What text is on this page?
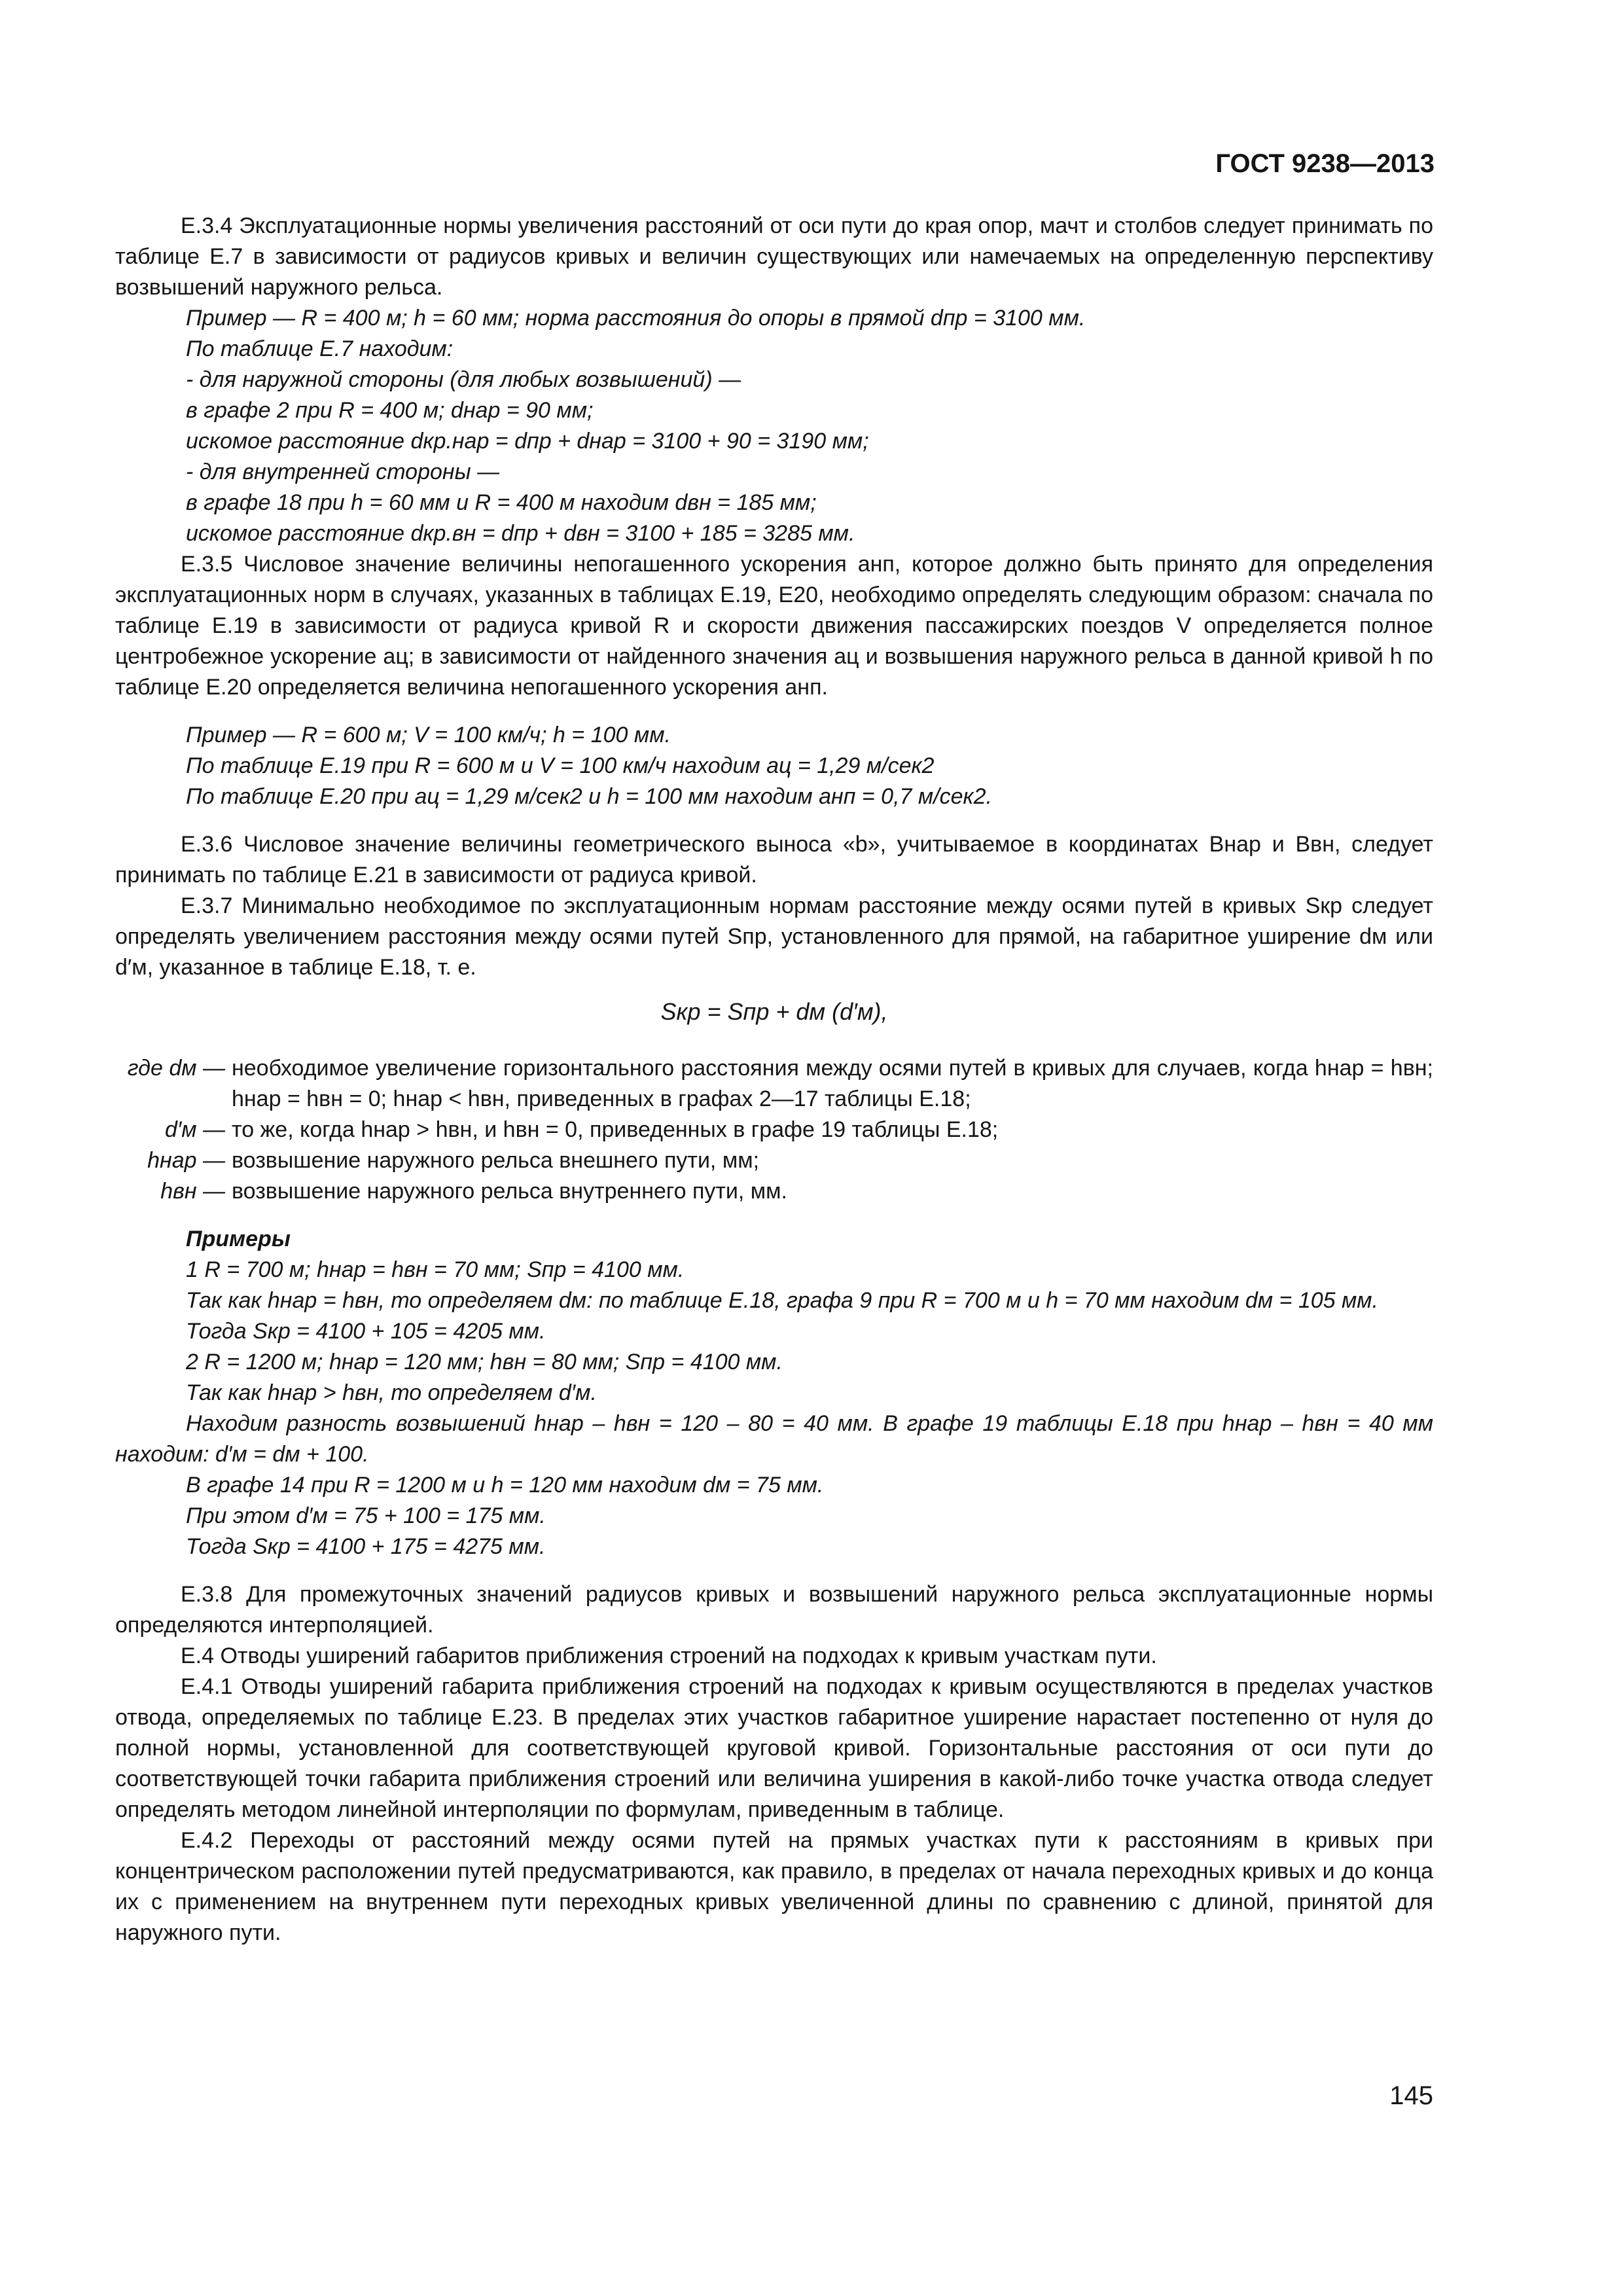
ГОСТ 9238—2013

Е.3.4 Эксплуатационные нормы увеличения расстояний от оси пути до края опор, мачт и столбов следует принимать по таблице Е.7 в зависимости от радиусов кривых и величин существующих или намечаемых на определенную перспективу возвышений наружного рельса.

Пример — R = 400 м; h = 60 мм; норма расстояния до опоры в прямой dпр = 3100 мм.

По таблице Е.7 находим:

- для наружной стороны (для любых возвышений) —

в графе 2 при R = 400 м; dнар = 90 мм;

искомое расстояние dкр.нар = dпр + dнар = 3100 + 90 = 3190 мм;

- для внутренней стороны —

в графе 18 при h = 60 мм и R = 400 м находим dвн = 185 мм;

искомое расстояние dкр.вн = dпр + dвн = 3100 + 185 = 3285 мм.

Е.3.5 Числовое значение величины непогашенного ускорения aнп, которое должно быть принято для определения эксплуатационных норм в случаях, указанных в таблицах Е.19, Е20, необходимо определять следующим образом: сначала по таблице Е.19 в зависимости от радиуса кривой R и скорости движения пассажирских поездов V определяется полное центробежное ускорение aц; в зависимости от найденного значения aц и возвышения наружного рельса в данной кривой h по таблице Е.20 определяется величина непогашенного ускорения aнп.

Пример — R = 600 м; V = 100 км/ч; h = 100 мм.

По таблице Е.19 при R = 600 м и V = 100 км/ч находим aц = 1,29 м/сек2

По таблице Е.20 при aц = 1,29 м/сек2 и h = 100 мм находим aнп = 0,7 м/сек2.

Е.3.6 Числовое значение величины геометрического выноса «b», учитываемое в координатах Bнар и Bвн, следует принимать по таблице Е.21 в зависимости от радиуса кривой.

Е.3.7 Минимально необходимое по эксплуатационным нормам расстояние между осями путей в кривых Sкр следует определять увеличением расстояния между осями путей Sпр, установленного для прямой, на габаритное уширение dм или d′м, указанное в таблице Е.18, т. е.

Sкр = Sпр + dм (d′м),
где dм — необходимое увеличение горизонтального расстояния между осями путей в кривых для случаев, когда hнар = hвн; hнар = hвн = 0; hнар < hвн, приведенных в графах 2—17 таблицы Е.18;
d′м — то же, когда hнар > hвн, и hвн = 0, приведенных в графе 19 таблицы Е.18;
hнар — возвышение наружного рельса внешнего пути, мм;
hвн — возвышение наружного рельса внутреннего пути, мм.

Примеры

1 R = 700 м; hнар = hвн = 70 мм; Sпр = 4100 мм.

Так как hнар = hвн, то определяем dм: по таблице Е.18, графа 9 при R = 700 м и h = 70 мм находим dм = 105 мм.

Тогда Sкр = 4100 + 105 = 4205 мм.

2 R = 1200 м; hнар = 120 мм; hвн = 80 мм; Sпр = 4100 мм.

Так как hнар > hвн, то определяем d′м.

Находим разность возвышений hнар – hвн = 120 – 80 = 40 мм. В графе 19 таблицы Е.18 при hнар – hвн = 40 мм находим: d′м = dм + 100.

В графе 14 при R = 1200 м и h = 120 мм находим dм = 75 мм.

При этом d′м = 75 + 100 = 175 мм.

Тогда Sкр = 4100 + 175 = 4275 мм.

Е.3.8 Для промежуточных значений радиусов кривых и возвышений наружного рельса эксплуатационные нормы определяются интерполяцией.

Е.4 Отводы уширений габаритов приближения строений на подходах к кривым участкам пути.

Е.4.1 Отводы уширений габарита приближения строений на подходах к кривым осуществляются в пределах участков отвода, определяемых по таблице Е.23. В пределах этих участков габаритное уширение нарастает постепенно от нуля до полной нормы, установленной для соответствующей круговой кривой. Горизонтальные расстояния от оси пути до соответствующей точки габарита приближения строений или величина уширения в какой-либо точке участка отвода следует определять методом линейной интерполяции по формулам, приведенным в таблице.

Е.4.2 Переходы от расстояний между осями путей на прямых участках пути к расстояниям в кривых при концентрическом расположении путей предусматриваются, как правило, в пределах от начала переходных кривых и до конца их с применением на внутреннем пути переходных кривых увеличенной длины по сравнению с длиной, принятой для наружного пути.

145
